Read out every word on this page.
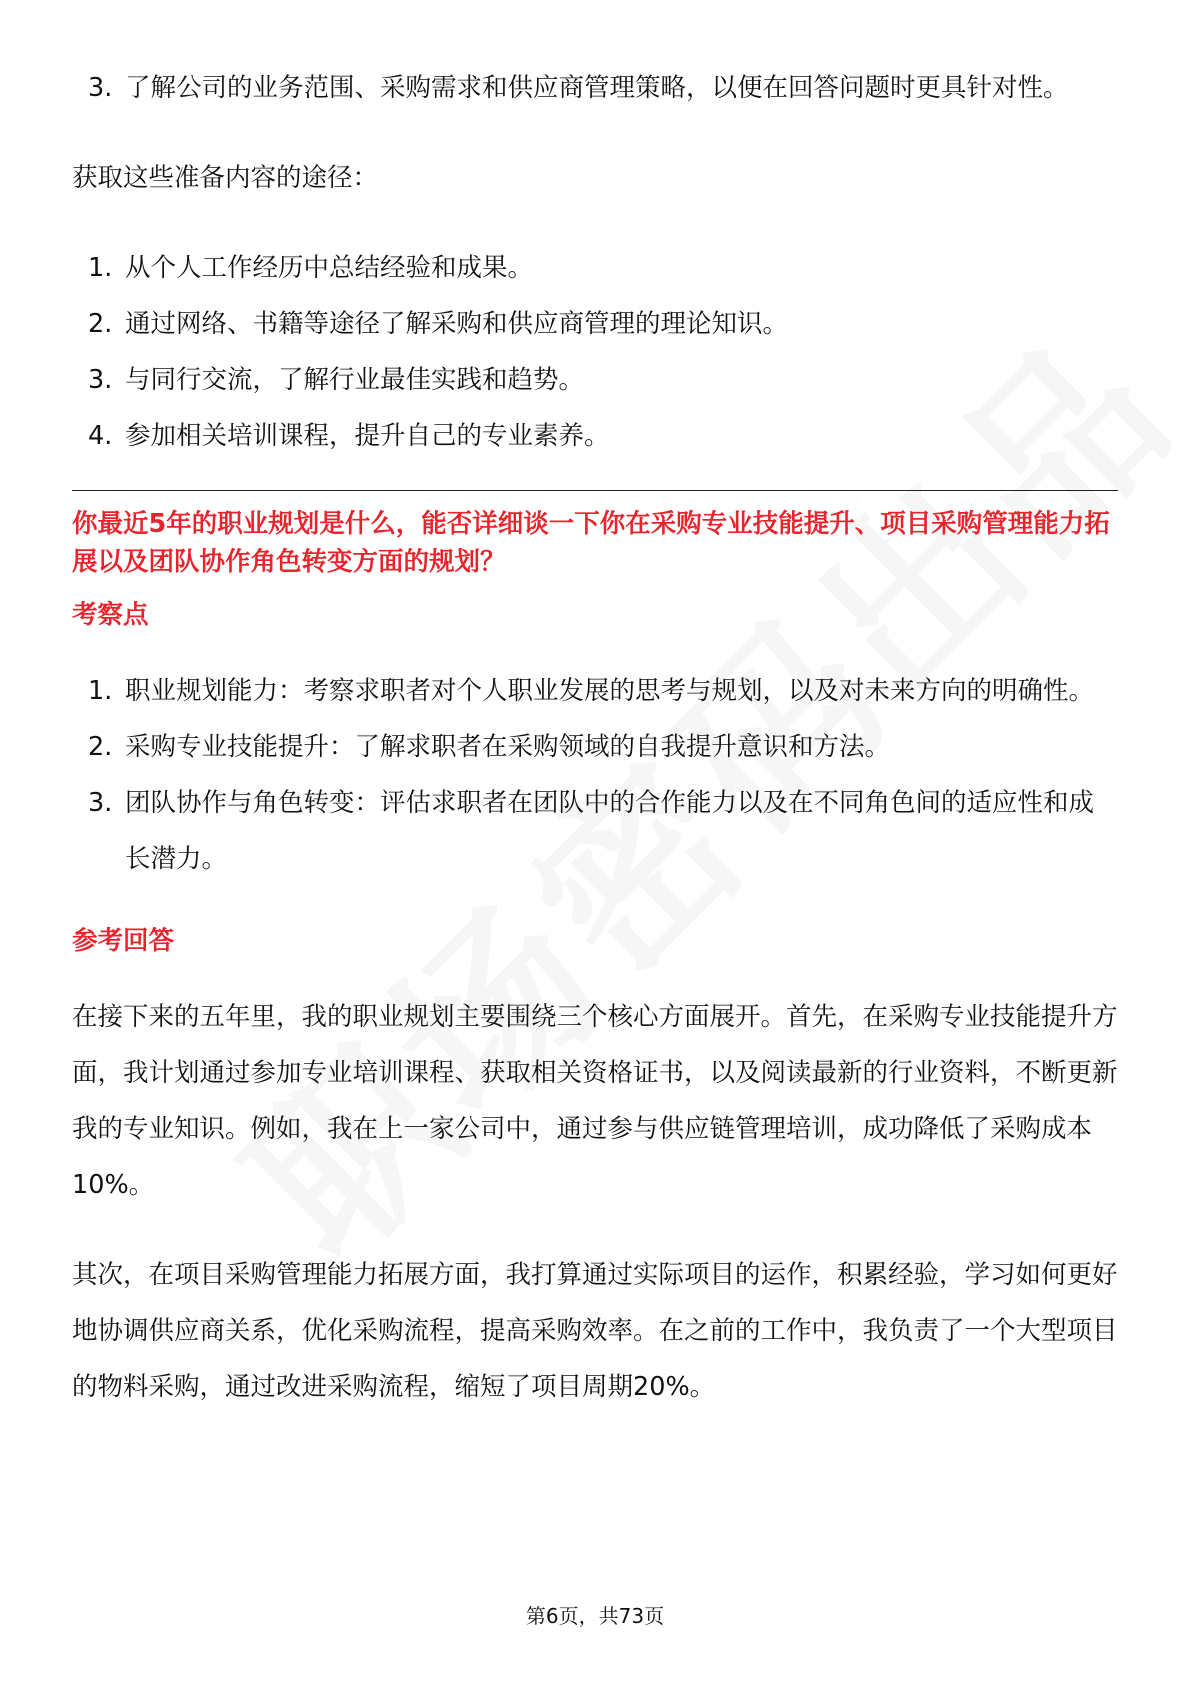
3. 了解公司的业务范围、采购需求和供应商管理策略，以便在回答问题时更具针对性。

获取这些准备内容的途径：

1. 从个人工作经历中总结经验和成果。
2. 通过网络、书籍等途径了解采购和供应商管理的理论知识。
3. 与同行交流，了解行业最佳实践和趋势。
4. 参加相关培训课程，提升自己的专业素养。

你最近5年的职业规划是什么，能否详细谈一下你在采购专业技能提升、项目采购管理能力拓展以及团队协作角色转变方面的规划？

考察点

1. 职业规划能力：考察求职者对个人职业发展的思考与规划，以及对未来方向的明确性。
2. 采购专业技能提升：了解求职者在采购领域的自我提升意识和方法。
3. 团队协作与角色转变：评估求职者在团队中的合作能力以及在不同角色间的适应性和成长潜力。

参考回答

在接下来的五年里，我的职业规划主要围绕三个核心方面展开。首先，在采购专业技能提升方面，我计划通过参加专业培训课程、获取相关资格证书，以及阅读最新的行业资料，不断更新我的专业知识。例如，我在上一家公司中，通过参与供应链管理培训，成功降低了采购成本10%。

其次，在项目采购管理能力拓展方面，我打算通过实际项目的运作，积累经验，学习如何更好地协调供应商关系，优化采购流程，提高采购效率。在之前的工作中，我负责了一个大型项目的物料采购，通过改进采购流程，缩短了项目周期20%。

第6页，共73页
